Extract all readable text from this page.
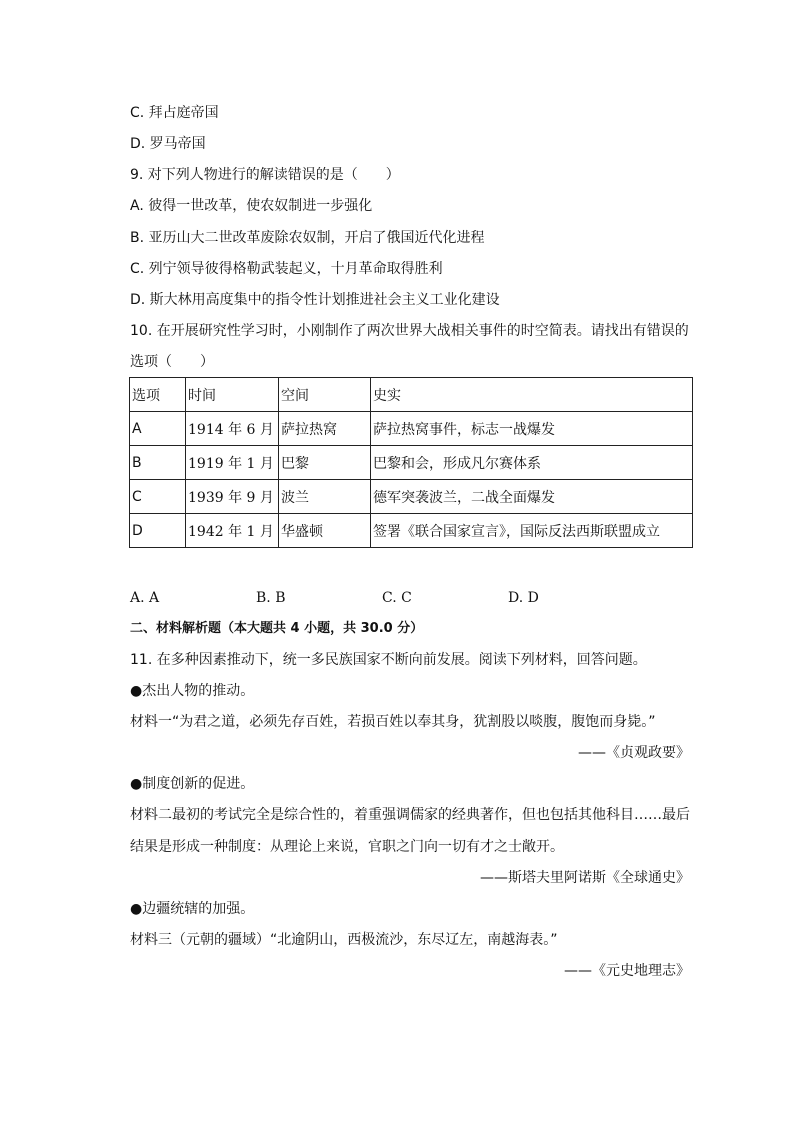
C. 拜占庭帝国

D. 罗马帝国

9. 对下列人物进行的解读错误的是（　　）

A. 彼得一世改革，使农奴制进一步强化

B. 亚历山大二世改革废除农奴制，开启了俄国近代化进程

C. 列宁领导彼得格勒武装起义，十月革命取得胜利

D. 斯大林用高度集中的指令性计划推进社会主义工业化建设

10. 在开展研究性学习时，小刚制作了两次世界大战相关事件的时空简表。请找出有错误的

选项（　　）

选项	时间	空间	史实
A	1914 年 6 月	萨拉热窝	萨拉热窝事件，标志一战爆发
B	1919 年 1 月	巴黎	巴黎和会，形成凡尔赛体系
C	1939 年 9 月	波兰	德军突袭波兰，二战全面爆发
D	1942 年 1 月	华盛顿	签署《联合国家宣言》，国际反法西斯联盟成立
A. A	B. B	C. C	D. D

二、材料解析题（本大题共 4 小题，共 30.0 分）

11. 在多种因素推动下，统一多民族国家不断向前发展。阅读下列材料，回答问题。

●杰出人物的推动。

材料一“为君之道，必须先存百姓，若损百姓以奉其身，犹割股以啖腹，腹饱而身毙。”

——《贞观政要》

●制度创新的促进。

材料二最初的考试完全是综合性的，着重强调儒家的经典著作，但也包括其他科目……最后

结果是形成一种制度：从理论上来说，官职之门向一切有才之士敞开。

——斯塔夫里阿诺斯《全球通史》

●边疆统辖的加强。

材料三（元朝的疆域）“北逾阴山，西极流沙，东尽辽左，南越海表。”

——《元史地理志》
